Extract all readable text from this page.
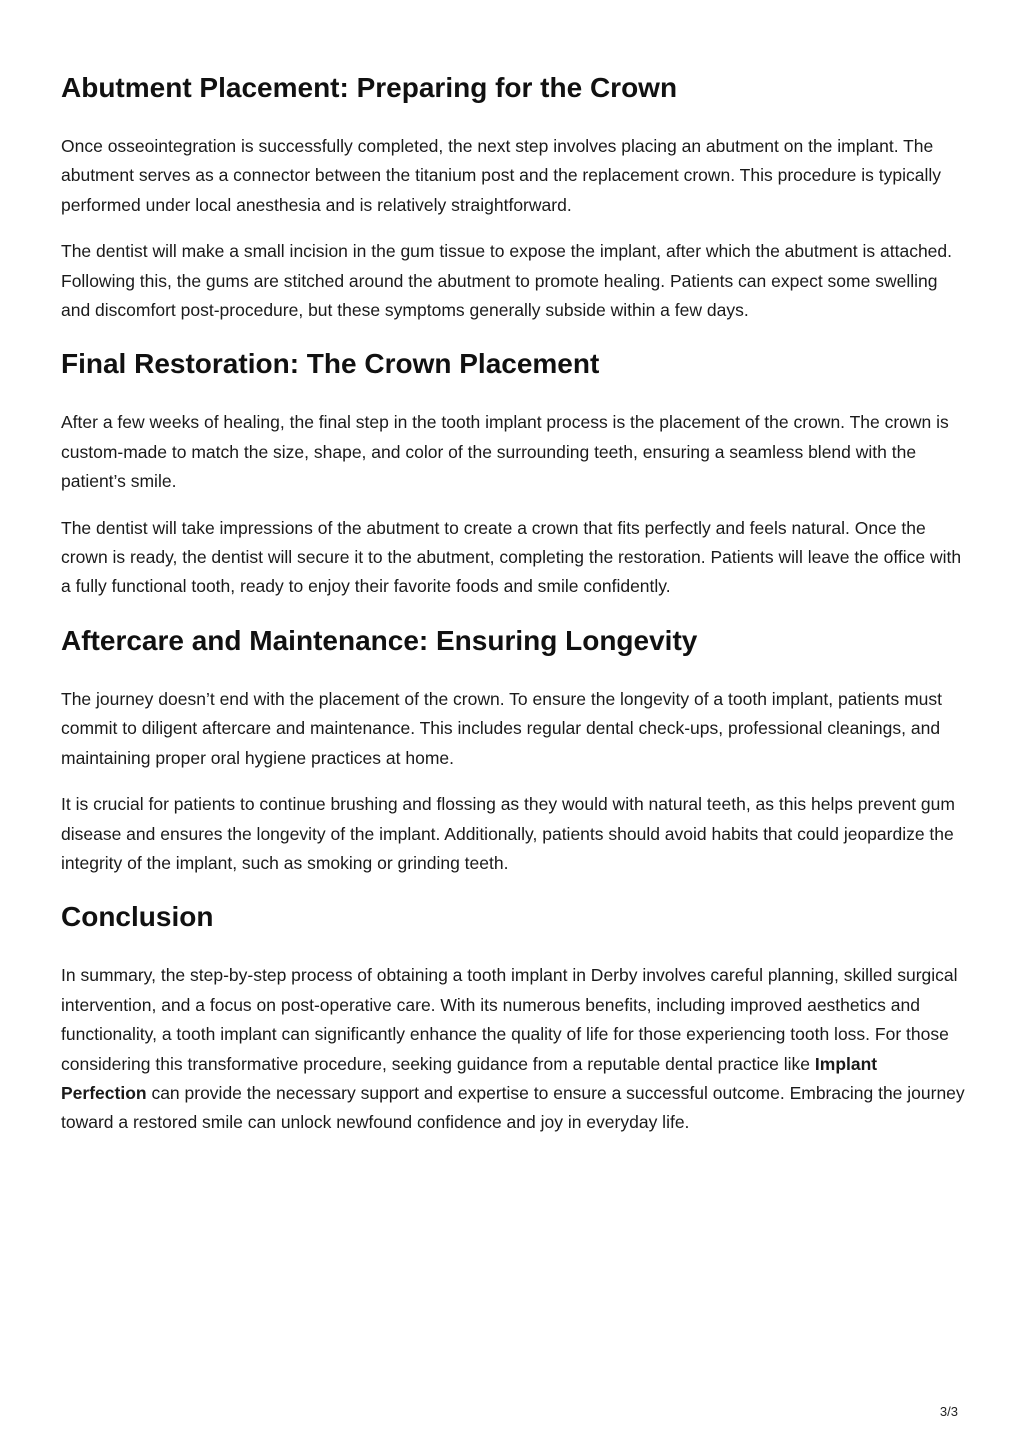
Abutment Placement: Preparing for the Crown

Once osseointegration is successfully completed, the next step involves placing an abutment on the implant. The abutment serves as a connector between the titanium post and the replacement crown. This procedure is typically performed under local anesthesia and is relatively straightforward.

The dentist will make a small incision in the gum tissue to expose the implant, after which the abutment is attached. Following this, the gums are stitched around the abutment to promote healing. Patients can expect some swelling and discomfort post-procedure, but these symptoms generally subside within a few days.

Final Restoration: The Crown Placement

After a few weeks of healing, the final step in the tooth implant process is the placement of the crown. The crown is custom-made to match the size, shape, and color of the surrounding teeth, ensuring a seamless blend with the patient’s smile.

The dentist will take impressions of the abutment to create a crown that fits perfectly and feels natural. Once the crown is ready, the dentist will secure it to the abutment, completing the restoration. Patients will leave the office with a fully functional tooth, ready to enjoy their favorite foods and smile confidently.

Aftercare and Maintenance: Ensuring Longevity

The journey doesn’t end with the placement of the crown. To ensure the longevity of a tooth implant, patients must commit to diligent aftercare and maintenance. This includes regular dental check-ups, professional cleanings, and maintaining proper oral hygiene practices at home.

It is crucial for patients to continue brushing and flossing as they would with natural teeth, as this helps prevent gum disease and ensures the longevity of the implant. Additionally, patients should avoid habits that could jeopardize the integrity of the implant, such as smoking or grinding teeth.

Conclusion

In summary, the step-by-step process of obtaining a tooth implant in Derby involves careful planning, skilled surgical intervention, and a focus on post-operative care. With its numerous benefits, including improved aesthetics and functionality, a tooth implant can significantly enhance the quality of life for those experiencing tooth loss. For those considering this transformative procedure, seeking guidance from a reputable dental practice like Implant Perfection can provide the necessary support and expertise to ensure a successful outcome. Embracing the journey toward a restored smile can unlock newfound confidence and joy in everyday life.

3/3
